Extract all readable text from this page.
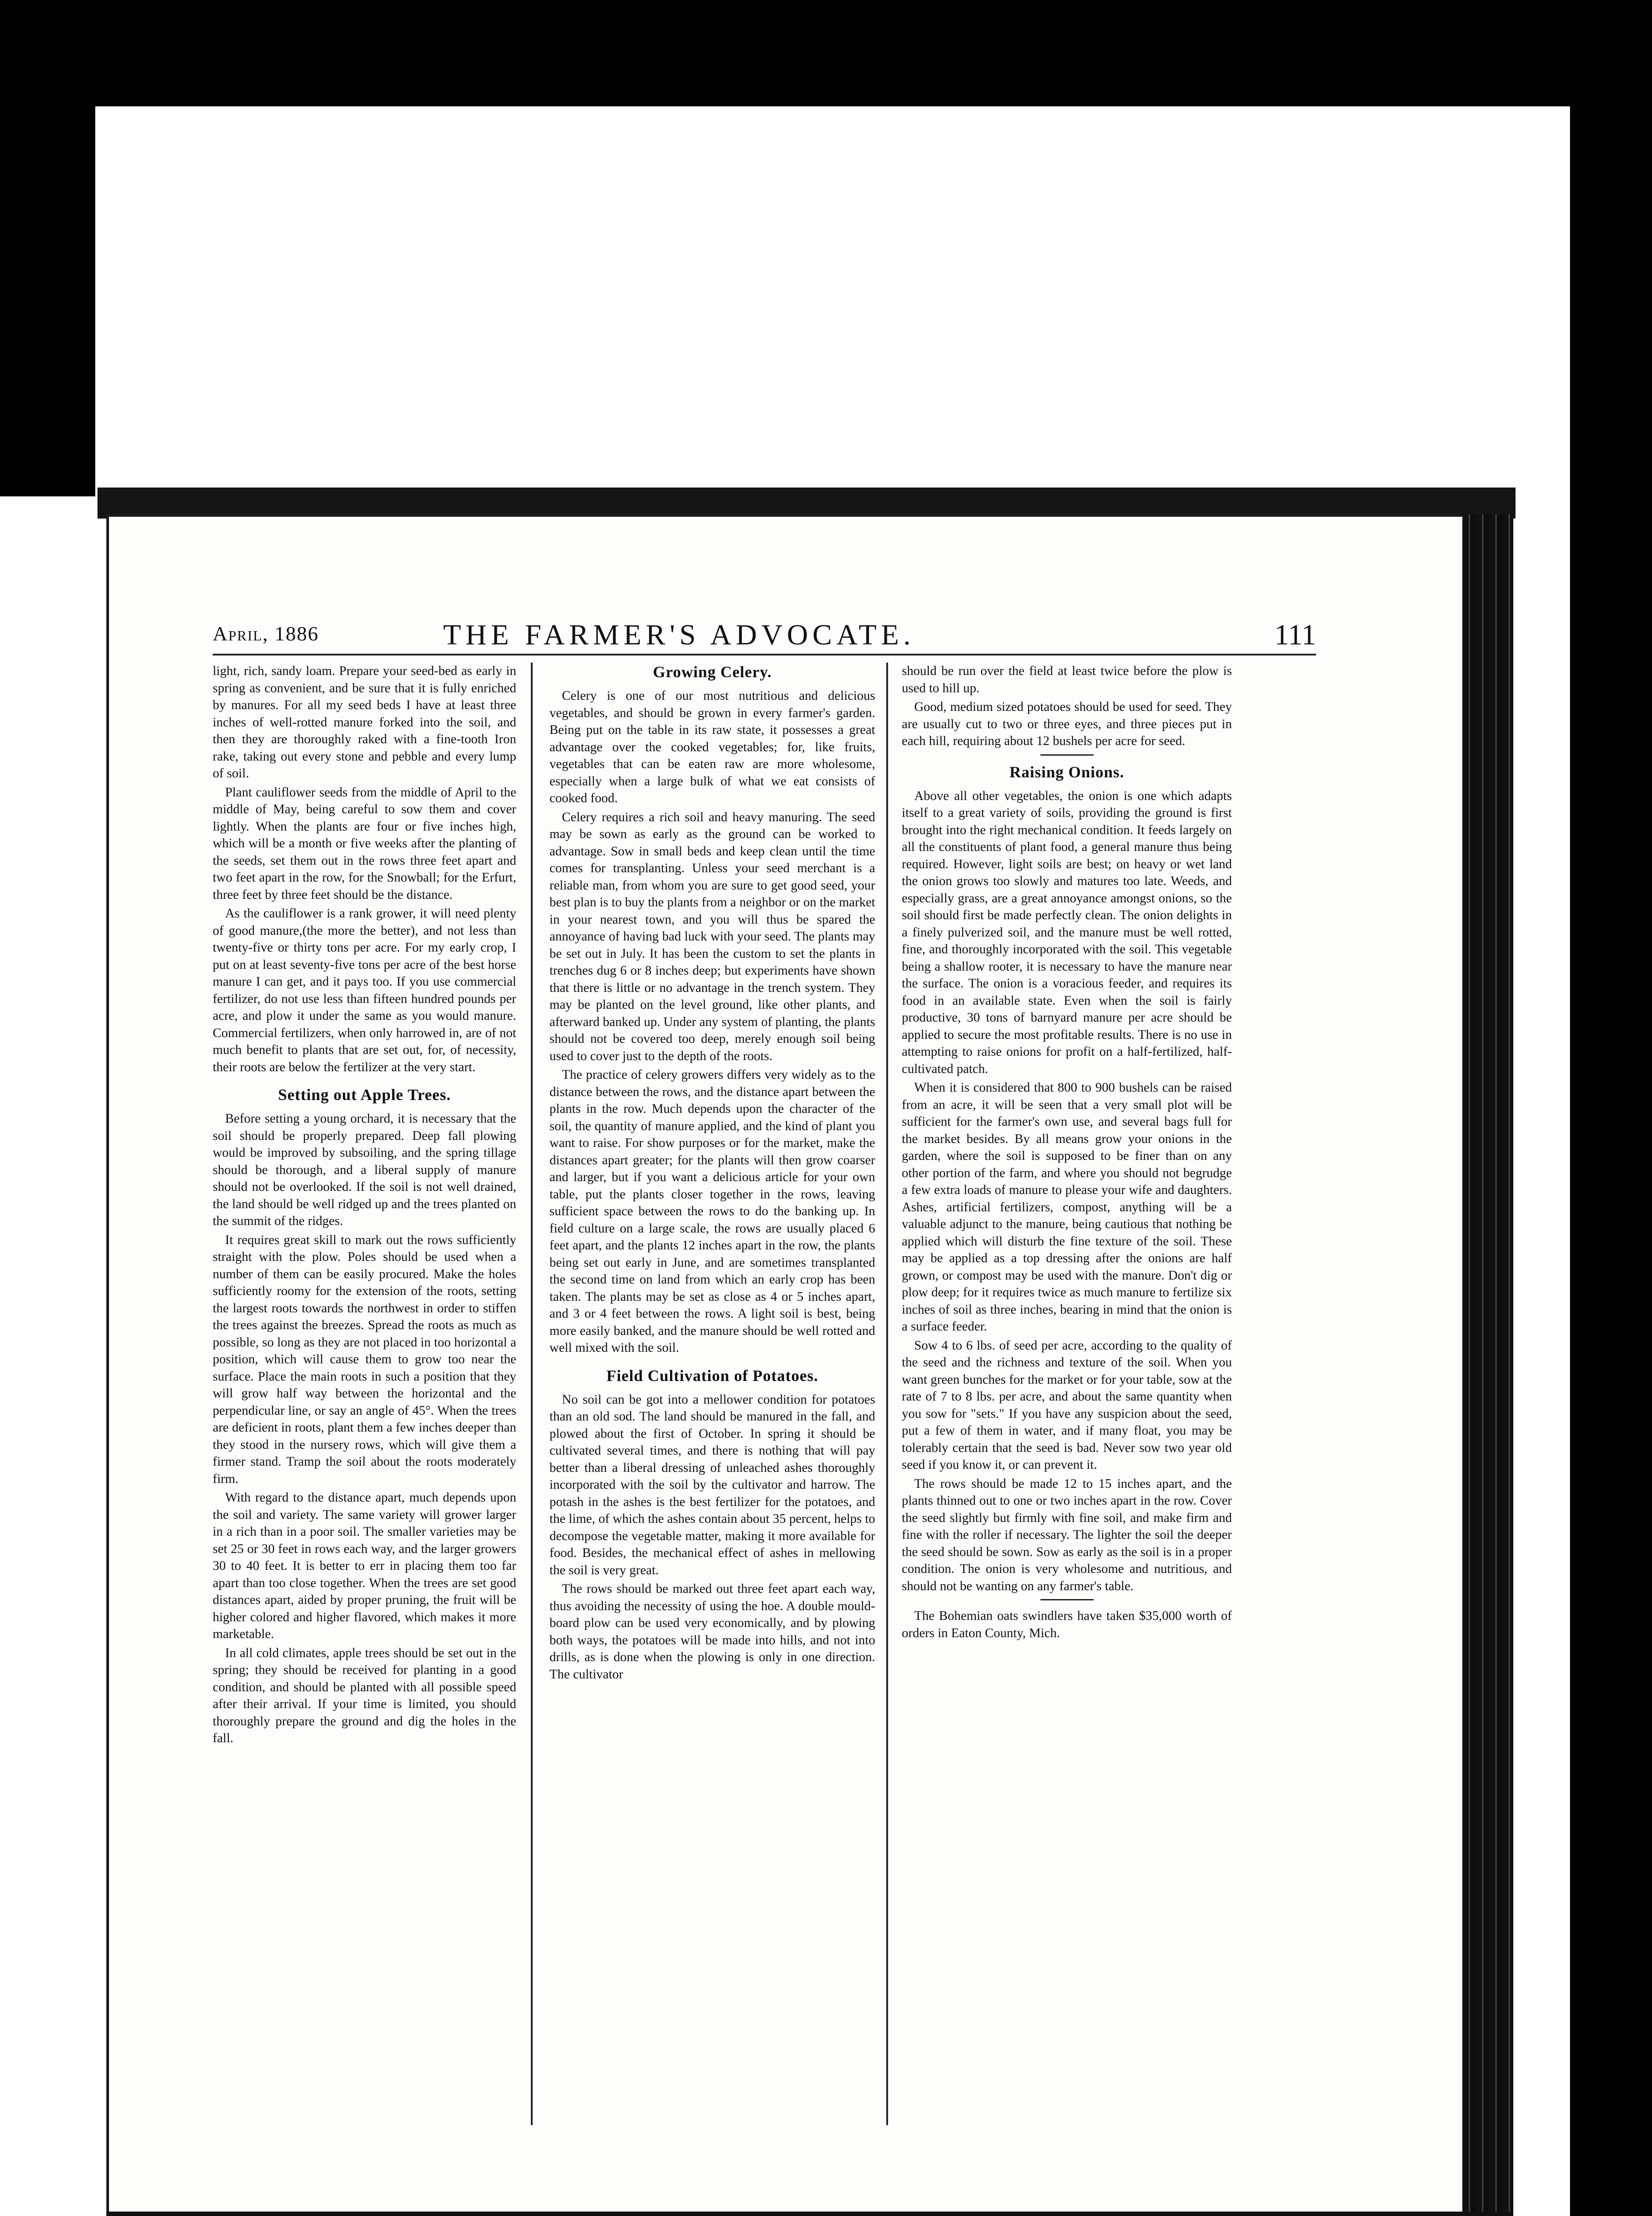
April, 1886	THE FARMER'S ADVOCATE.	111

light, rich, sandy loam. Prepare your seed-bed as early in spring as convenient, and be sure that it is fully enriched by manures. For all my seed beds I have at least three inches of well-rotted manure forked into the soil, and then they are thoroughly raked with a fine-tooth Iron rake, taking out every stone and pebble and every lump of soil.

Plant cauliflower seeds from the middle of April to the middle of May, being careful to sow them and cover lightly. When the plants are four or five inches high, which will be a month or five weeks after the planting of the seeds, set them out in the rows three feet apart and two feet apart in the row, for the Snowball; for the Erfurt, three feet by three feet should be the distance.

As the cauliflower is a rank grower, it will need plenty of good manure,(the more the better), and not less than twenty-five or thirty tons per acre. For my early crop, I put on at least seventy-five tons per acre of the best horse manure I can get, and it pays too. If you use commercial fertilizer, do not use less than fifteen hundred pounds per acre, and plow it under the same as you would manure. Commercial fertilizers, when only harrowed in, are of not much benefit to plants that are set out, for, of necessity, their roots are below the fertilizer at the very start.

Setting out Apple Trees.

Before setting a young orchard, it is necessary that the soil should be properly prepared. Deep fall plowing would be improved by subsoiling, and the spring tillage should be thorough, and a liberal supply of manure should not be overlooked. If the soil is not well drained, the land should be well ridged up and the trees planted on the summit of the ridges.

It requires great skill to mark out the rows sufficiently straight with the plow. Poles should be used when a number of them can be easily procured. Make the holes sufficiently roomy for the extension of the roots, setting the largest roots towards the northwest in order to stiffen the trees against the breezes. Spread the roots as much as possible, so long as they are not placed in too horizontal a position, which will cause them to grow too near the surface. Place the main roots in such a position that they will grow half way between the horizontal and the perpendicular line, or say an angle of 45°. When the trees are deficient in roots, plant them a few inches deeper than they stood in the nursery rows, which will give them a firmer stand. Tramp the soil about the roots moderately firm.

With regard to the distance apart, much depends upon the soil and variety. The same variety will grower larger in a rich than in a poor soil. The smaller varieties may be set 25 or 30 feet in rows each way, and the larger growers 30 to 40 feet. It is better to err in placing them too far apart than too close together. When the trees are set good distances apart, aided by proper pruning, the fruit will be higher colored and higher flavored, which makes it more marketable.

In all cold climates, apple trees should be set out in the spring; they should be received for planting in a good condition, and should be planted with all possible speed after their arrival. If your time is limited, you should thoroughly prepare the ground and dig the holes in the fall.

Growing Celery.

Celery is one of our most nutritious and delicious vegetables, and should be grown in every farmer's garden. Being put on the table in its raw state, it possesses a great advantage over the cooked vegetables; for, like fruits, vegetables that can be eaten raw are more wholesome, especially when a large bulk of what we eat consists of cooked food.

Celery requires a rich soil and heavy manuring. The seed may be sown as early as the ground can be worked to advantage. Sow in small beds and keep clean until the time comes for transplanting. Unless your seed merchant is a reliable man, from whom you are sure to get good seed, your best plan is to buy the plants from a neighbor or on the market in your nearest town, and you will thus be spared the annoyance of having bad luck with your seed. The plants may be set out in July. It has been the custom to set the plants in trenches dug 6 or 8 inches deep; but experiments have shown that there is little or no advantage in the trench system. They may be planted on the level ground, like other plants, and afterward banked up. Under any system of planting, the plants should not be covered too deep, merely enough soil being used to cover just to the depth of the roots.

The practice of celery growers differs very widely as to the distance between the rows, and the distance apart between the plants in the row. Much depends upon the character of the soil, the quantity of manure applied, and the kind of plant you want to raise. For show purposes or for the market, make the distances apart greater; for the plants will then grow coarser and larger, but if you want a delicious article for your own table, put the plants closer together in the rows, leaving sufficient space between the rows to do the banking up. In field culture on a large scale, the rows are usually placed 6 feet apart, and the plants 12 inches apart in the row, the plants being set out early in June, and are sometimes transplanted the second time on land from which an early crop has been taken. The plants may be set as close as 4 or 5 inches apart, and 3 or 4 feet between the rows. A light soil is best, being more easily banked, and the manure should be well rotted and well mixed with the soil.

Field Cultivation of Potatoes.

No soil can be got into a mellower condition for potatoes than an old sod. The land should be manured in the fall, and plowed about the first of October. In spring it should be cultivated several times, and there is nothing that will pay better than a liberal dressing of unleached ashes thoroughly incorporated with the soil by the cultivator and harrow. The potash in the ashes is the best fertilizer for the potatoes, and the lime, of which the ashes contain about 35 percent, helps to decompose the vegetable matter, making it more available for food. Besides, the mechanical effect of ashes in mellowing the soil is very great.

The rows should be marked out three feet apart each way, thus avoiding the necessity of using the hoe. A double mould-board plow can be used very economically, and by plowing both ways, the potatoes will be made into hills, and not into drills, as is done when the plowing is only in one direction. The cultivator

should be run over the field at least twice before the plow is used to hill up.

Good, medium sized potatoes should be used for seed. They are usually cut to two or three eyes, and three pieces put in each hill, requiring about 12 bushels per acre for seed.

Raising Onions.

Above all other vegetables, the onion is one which adapts itself to a great variety of soils, providing the ground is first brought into the right mechanical condition. It feeds largely on all the constituents of plant food, a general manure thus being required. However, light soils are best; on heavy or wet land the onion grows too slowly and matures too late. Weeds, and especially grass, are a great annoyance amongst onions, so the soil should first be made perfectly clean. The onion delights in a finely pulverized soil, and the manure must be well rotted, fine, and thoroughly incorporated with the soil. This vegetable being a shallow rooter, it is necessary to have the manure near the surface. The onion is a voracious feeder, and requires its food in an available state. Even when the soil is fairly productive, 30 tons of barnyard manure per acre should be applied to secure the most profitable results. There is no use in attempting to raise onions for profit on a half-fertilized, half-cultivated patch.

When it is considered that 800 to 900 bushels can be raised from an acre, it will be seen that a very small plot will be sufficient for the farmer's own use, and several bags full for the market besides. By all means grow your onions in the garden, where the soil is supposed to be finer than on any other portion of the farm, and where you should not begrudge a few extra loads of manure to please your wife and daughters. Ashes, artificial fertilizers, compost, anything will be a valuable adjunct to the manure, being cautious that nothing be applied which will disturb the fine texture of the soil. These may be applied as a top dressing after the onions are half grown, or compost may be used with the manure. Don't dig or plow deep; for it requires twice as much manure to fertilize six inches of soil as three inches, bearing in mind that the onion is a surface feeder.

Sow 4 to 6 lbs. of seed per acre, according to the quality of the seed and the richness and texture of the soil. When you want green bunches for the market or for your table, sow at the rate of 7 to 8 lbs. per acre, and about the same quantity when you sow for "sets." If you have any suspicion about the seed, put a few of them in water, and if many float, you may be tolerably certain that the seed is bad. Never sow two year old seed if you know it, or can prevent it.

The rows should be made 12 to 15 inches apart, and the plants thinned out to one or two inches apart in the row. Cover the seed slightly but firmly with fine soil, and make firm and fine with the roller if necessary. The lighter the soil the deeper the seed should be sown. Sow as early as the soil is in a proper condition. The onion is very wholesome and nutritious, and should not be wanting on any farmer's table.

The Bohemian oats swindlers have taken $35,000 worth of orders in Eaton County, Mich.
